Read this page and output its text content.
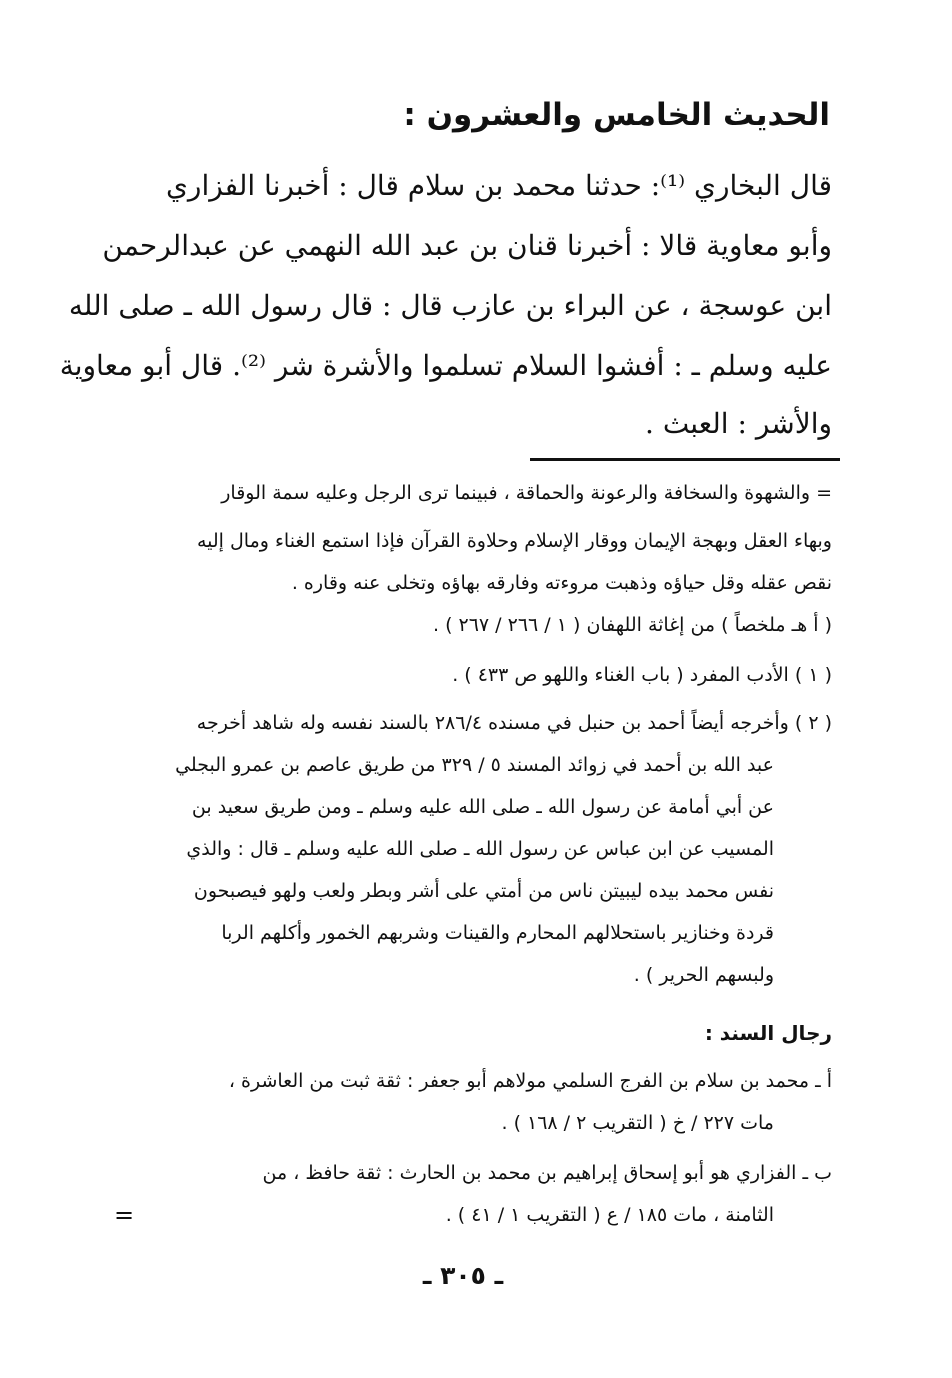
الحديث الخامس والعشرون :
قال البخاري ⁽¹⁾: حدثنا محمد بن سلام قال : أخبرنا الفزاري
وأبو معاوية قالا : أخبرنا قنان بن عبد الله النهمي عن عبدالرحمن
ابن عوسجة ، عن البراء بن عازب قال : قال رسول الله ـ صلى الله
عليه وسلم ـ : أفشوا السلام تسلموا والأشرة شر ⁽²⁾. قال أبو معاوية
والأشر : العبث .
= والشهوة والسخافة والرعونة والحماقة ، فبينما ترى الرجل وعليه سمة الوقار
وبهاء العقل وبهجة الإيمان ووقار الإسلام وحلاوة القرآن فإذا استمع الغناء ومال إليه
نقص عقله وقل حياؤه وذهبت مروءته وفارقه بهاؤه وتخلى عنه وقاره .
( أ هـ ملخصاً ) من إغاثة اللهفان ( ١ / ٢٦٦ / ٢٦٧ ) .
( ١ ) الأدب المفرد ( باب الغناء واللهو ص ٤٣٣ ) .
( ٢ ) وأخرجه أيضاً أحمد بن حنبل في مسنده ٢٨٦/٤ بالسند نفسه وله شاهد أخرجه
عبد الله بن أحمد في زوائد المسند ٥ / ٣٢٩ من طريق عاصم بن عمرو البجلي
عن أبي أمامة عن رسول الله ـ صلى الله عليه وسلم ـ ومن طريق سعيد بن
المسيب عن ابن عباس عن رسول الله ـ صلى الله عليه وسلم ـ قال : والذي
نفس محمد بيده ليبيتن ناس من أمتي على أشر وبطر ولعب ولهو فيصبحون
قردة وخنازير باستحلالهم المحارم والقينات وشربهم الخمور وأكلهم الربا
ولبسهم الحرير ) .
رجال السند :
أ ـ محمد بن سلام بن الفرج السلمي مولاهم أبو جعفر : ثقة ثبت من العاشرة ،
مات ٢٢٧ / خ ( التقريب ٢ / ١٦٨ ) .
ب ـ الفزاري هو أبو إسحاق إبراهيم بن محمد بن الحارث : ثقة حافظ ، من
الثامنة ، مات ١٨٥ / ع ( التقريب ١ / ٤١ ) .
=
ـ ٣٠٥ ـ
